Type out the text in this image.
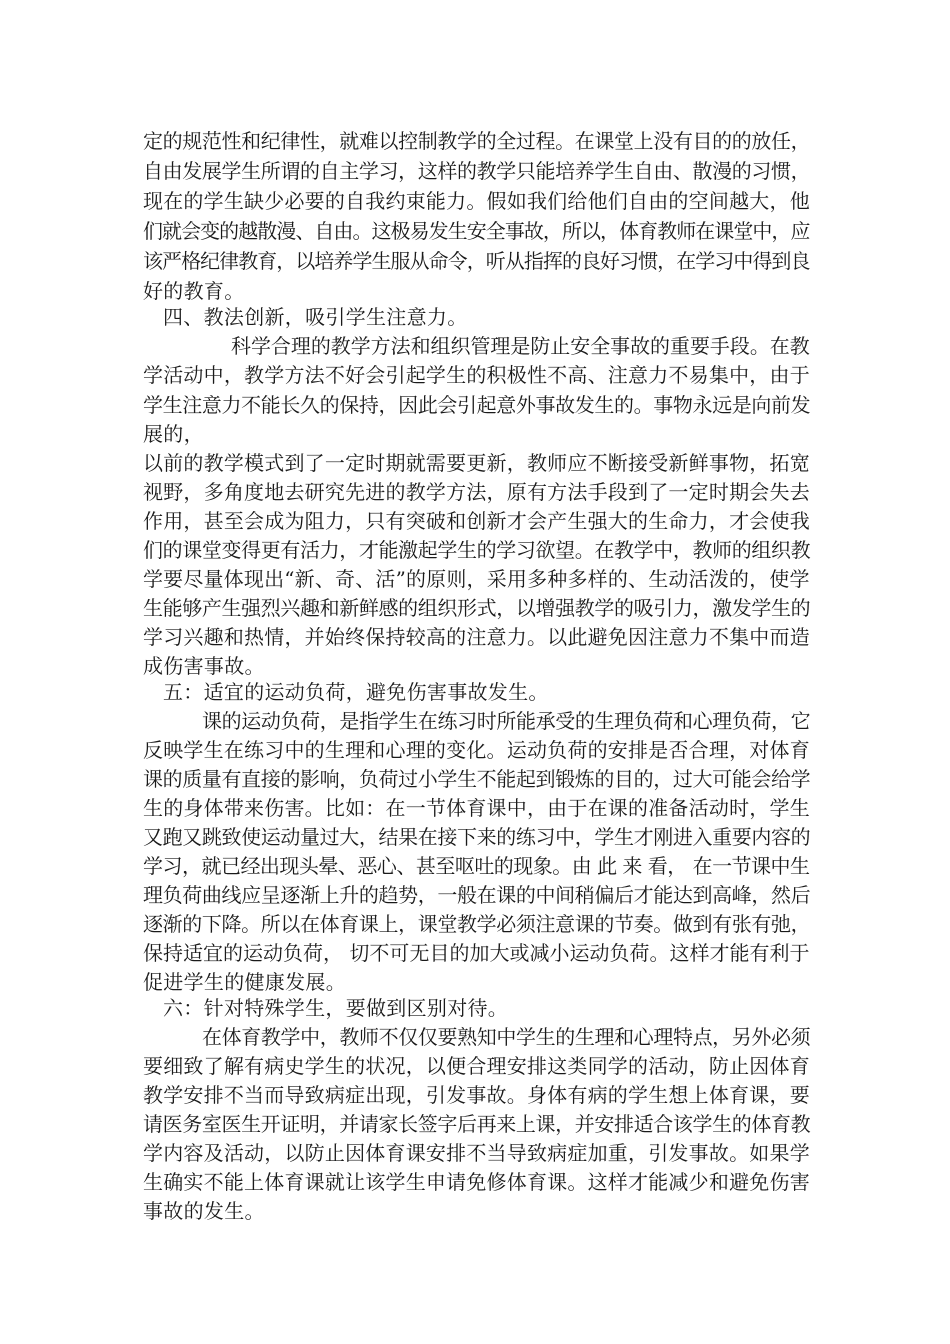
定的规范性和纪律性，就难以控制教学的全过程。在课堂上没有目的的放任，

自由发展学生所谓的自主学习，这样的教学只能培养学生自由、散漫的习惯，

现在的学生缺少必要的自我约束能力。假如我们给他们自由的空间越大，他

们就会变的越散漫、自由。这极易发生安全事故，所以，体育教师在课堂中，应

该严格纪律教育，以培养学生服从命令，听从指挥的良好习惯，在学习中得到良

好的教育。

四、教法创新，吸引学生注意力。

科学合理的教学方法和组织管理是防止安全事故的重要手段。在教

学活动中，教学方法不好会引起学生的积极性不高、注意力不易集中，由于

学生注意力不能长久的保持，因此会引起意外事故发生的。事物永远是向前发

展的，

以前的教学模式到了一定时期就需要更新，教师应不断接受新鲜事物，拓宽

视野，多角度地去研究先进的教学方法，原有方法手段到了一定时期会失去

作用，甚至会成为阻力，只有突破和创新才会产生强大的生命力，才会使我

们的课堂变得更有活力，才能激起学生的学习欲望。在教学中，教师的组织教

学要尽量体现出“新、奇、活”的原则，采用多种多样的、生动活泼的，使学

生能够产生强烈兴趣和新鲜感的组织形式，以增强教学的吸引力，激发学生的

学习兴趣和热情，并始终保持较高的注意力。以此避免因注意力不集中而造

成伤害事故。

五：适宜的运动负荷，避免伤害事故发生。

课的运动负荷，是指学生在练习时所能承受的生理负荷和心理负荷，它

反映学生在练习中的生理和心理的变化。运动负荷的安排是否合理，对体育

课的质量有直接的影响，负荷过小学生不能起到锻炼的目的，过大可能会给学

生的身体带来伤害。比如：在一节体育课中，由于在课的准备活动时，学生

又跑又跳致使运动量过大，结果在接下来的练习中，学生才刚进入重要内容的

学习，就已经出现头晕、恶心、甚至呕吐的现象。由 此 来 看， 在一节课中生

理负荷曲线应呈逐渐上升的趋势，一般在课的中间稍偏后才能达到高峰，然后

逐渐的下降。所以在体育课上，课堂教学必须注意课的节奏。做到有张有弛，

保持适宜的运动负荷， 切不可无目的加大或减小运动负荷。这样才能有利于

促进学生的健康发展。

六：针对特殊学生，要做到区别对待。

在体育教学中，教师不仅仅要熟知中学生的生理和心理特点，另外必须

要细致了解有病史学生的状况，以便合理安排这类同学的活动，防止因体育

教学安排不当而导致病症出现，引发事故。身体有病的学生想上体育课，要

请医务室医生开证明，并请家长签字后再来上课，并安排适合该学生的体育教

学内容及活动，以防止因体育课安排不当导致病症加重，引发事故。如果学

生确实不能上体育课就让该学生申请免修体育课。这样才能减少和避免伤害

事故的发生。
